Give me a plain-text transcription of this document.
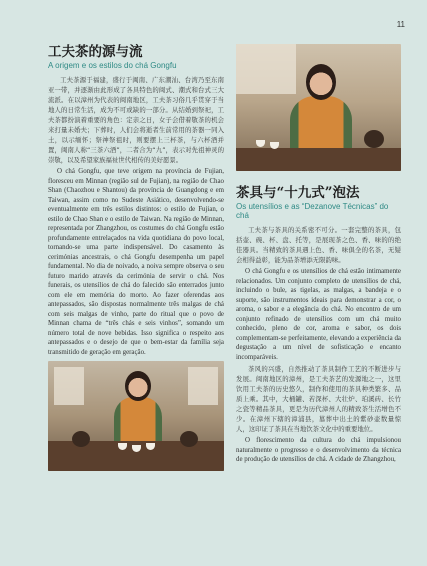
11
工夫茶的源与流
A origem e os estilos do chá Gongfu

工夫茶源于福建，盛行于闽南、广东潮汕、台湾乃至东南亚一带，并逐渐由此形成了各具特色的闽式、潮式和台式三大流派。在以漳州为代表的闽南地区，工夫茶习俗几乎贯穿于当地人的日常生活，成为不可或缺的一部分。从结婚到祭祀，工夫茶都扮演着重要的角色：定亲之日，女子会借着敬茶的机会来打量未婚夫；下葬时，人们会将逝者生前常用的茶器一同入土，以示缅怀；祭神祭祖时，则要摆上三杯茶，与六杯酒并置，闽南人称“三茶六酒”，二者合为“九”，表示对先祖神灵的崇敬，以及希望家族福祉世代相传的美好愿景。

O chá Gongfu, que teve origem na província de Fujian, floresceu em Minnan (região sul de Fujian), na região de Chao Shan (Chaozhou e Shantou) da província de Guangdong e em Taiwan, assim como no Sudeste Asiático, desenvolvendo-se eventualmente em três estilos distintos: o estilo de Fujian, o estilo de Chao Shan e o estilo de Taiwan. Na região de Minnan, representada por Zhangzhou, os costumes do chá Gongfu estão profundamente entrelaçados na vida quotidiana do povo local, tornando-se uma parte indispensável. Do casamento às cerimónias ancestrais, o chá Gongfu desempenha um papel fundamental. No dia de noivado, a noiva sempre observa o seu futuro marido através da cerimónia de servir o chá. Nos funerais, os utensílios de chá do falecido são enterrados junto com ele em memória do morto. Ao fazer oferendas aos antepassados, são dispostas normalmente três malgas de chá com seis malgas de vinho, parte do ritual que o povo de Minnan chama de “três chás e seis vinhos”, somando um número total de nove bebidas. Isso significa o respeito aos antepassados e o desejo de que o bem-estar da família seja transmitido de geração em geração.

茶具与“十九式”泡法
Os utensílios e as “Dezanove Técnicas” do chá

工夫茶与茶具的关系密不可分。一套完整的茶具，包括壶、碗、杯、盘、托等，是展现茶之色、香、味的的绝佳器具。当精致的茶具遇上色、香、味俱全的名茶，无疑会相得益彰，能为品茶增添无限韵味。

O chá Gongfu e os utensílios de chá estão intimamente relacionados. Um conjunto completo de utensílios de chá, incluindo o bule, as tigelas, as malgas, a bandeja e o suporte, são instrumentos ideais para demonstrar a cor, o aroma, o sabor e a elegância do chá. No encontro de um conjunto refinado de utensílios com um chá muito conhecido, pleno de cor, aroma e sabor, os dois complementam-se perfeitamente, elevando a experiência da degustação a um nível de sofisticação e encanto incomparáveis.

茶风的兴盛，自然推动了茶具制作工艺的不断进步与发展。闽南地区的漳州，是工夫茶艺的发源地之一，这里饮用工夫茶的历史悠久，制作和使用的茶具种类繁多、品质上乘。其中，大桶罐、若深杯、大壮炉、珀溪砖、长竹之瓷等精品茶具，更是为历代漳州人的精致茶生活增色不少。在漳州下辖的漳浦县，墓葬中出土的紫砂壶数量惊人，这印证了茶具在当地饮茶文化中的重要地位。

O florescimento da cultura do chá impulsionou naturalmente o progresso e o desenvolvimento da técnica de produção de utensílios de chá. A cidade de Zhangzhou,
